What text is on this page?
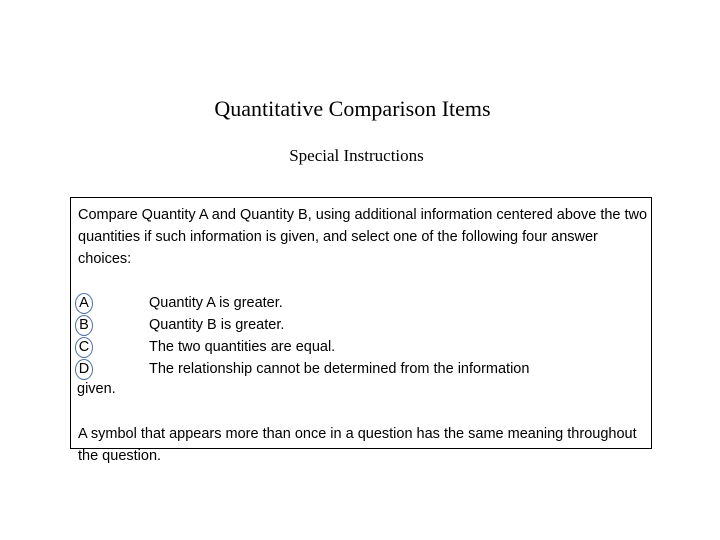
Quantitative Comparison Items
Special Instructions
Compare Quantity A and Quantity B, using additional information centered above the two quantities if such information is given, and select one of the following four answer choices:
A	Quantity A is greater.
B	Quantity B is greater.
C	The two quantities are equal.
D	The relationship cannot be determined from the information
given.
A symbol that appears more than once in a question has the same meaning throughout the question.
